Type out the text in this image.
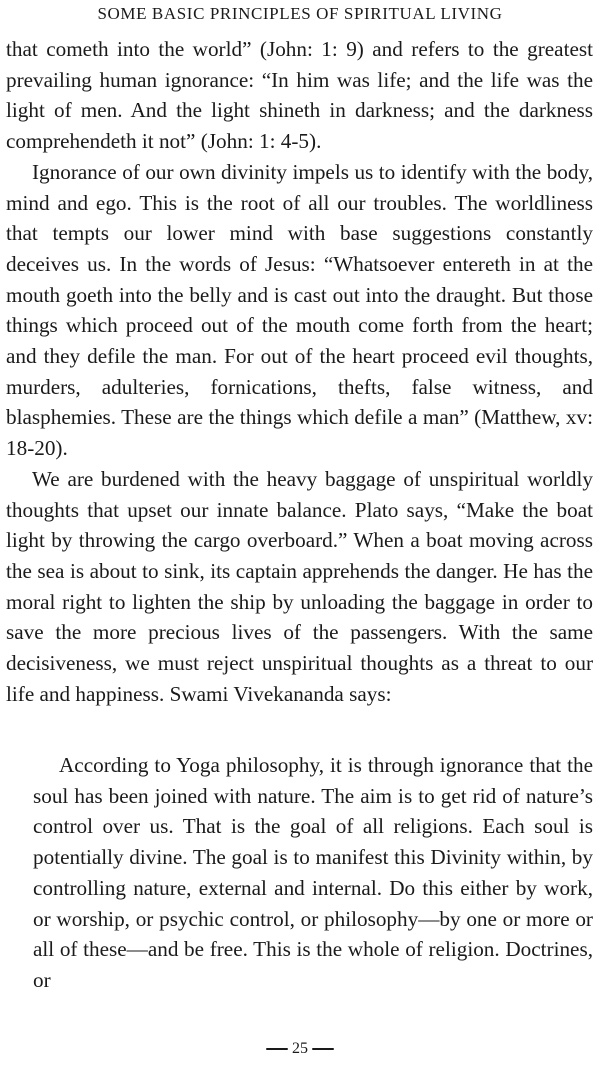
SOME BASIC PRINCIPLES OF SPIRITUAL LIVING

that cometh into the world” (John: 1: 9) and refers to the greatest prevailing human ignorance: “In him was life; and the life was the light of men. And the light shineth in darkness; and the darkness comprehendeth it not” (John: 1: 4-5).

Ignorance of our own divinity impels us to identify with the body, mind and ego. This is the root of all our troubles. The worldliness that tempts our lower mind with base suggestions constantly deceives us. In the words of Jesus: “Whatsoever entereth in at the mouth goeth into the belly and is cast out into the draught. But those things which proceed out of the mouth come forth from the heart; and they defile the man. For out of the heart proceed evil thoughts, murders, adulteries, fornications, thefts, false witness, and blasphemies. These are the things which defile a man” (Matthew, xv: 18-20).

We are burdened with the heavy baggage of unspiritual worldly thoughts that upset our innate balance. Plato says, “Make the boat light by throwing the cargo overboard.” When a boat moving across the sea is about to sink, its captain apprehends the danger. He has the moral right to lighten the ship by unloading the baggage in order to save the more precious lives of the passengers. With the same decisiveness, we must reject unspiritual thoughts as a threat to our life and happiness. Swami Vivekananda says:

According to Yoga philosophy, it is through ignorance that the soul has been joined with nature. The aim is to get rid of nature’s control over us. That is the goal of all religions. Each soul is potentially divine. The goal is to manifest this Divinity within, by controlling nature, external and internal. Do this either by work, or worship, or psychic control, or philosophy—by one or more or all of these—and be free. This is the whole of religion. Doctrines, or

25
